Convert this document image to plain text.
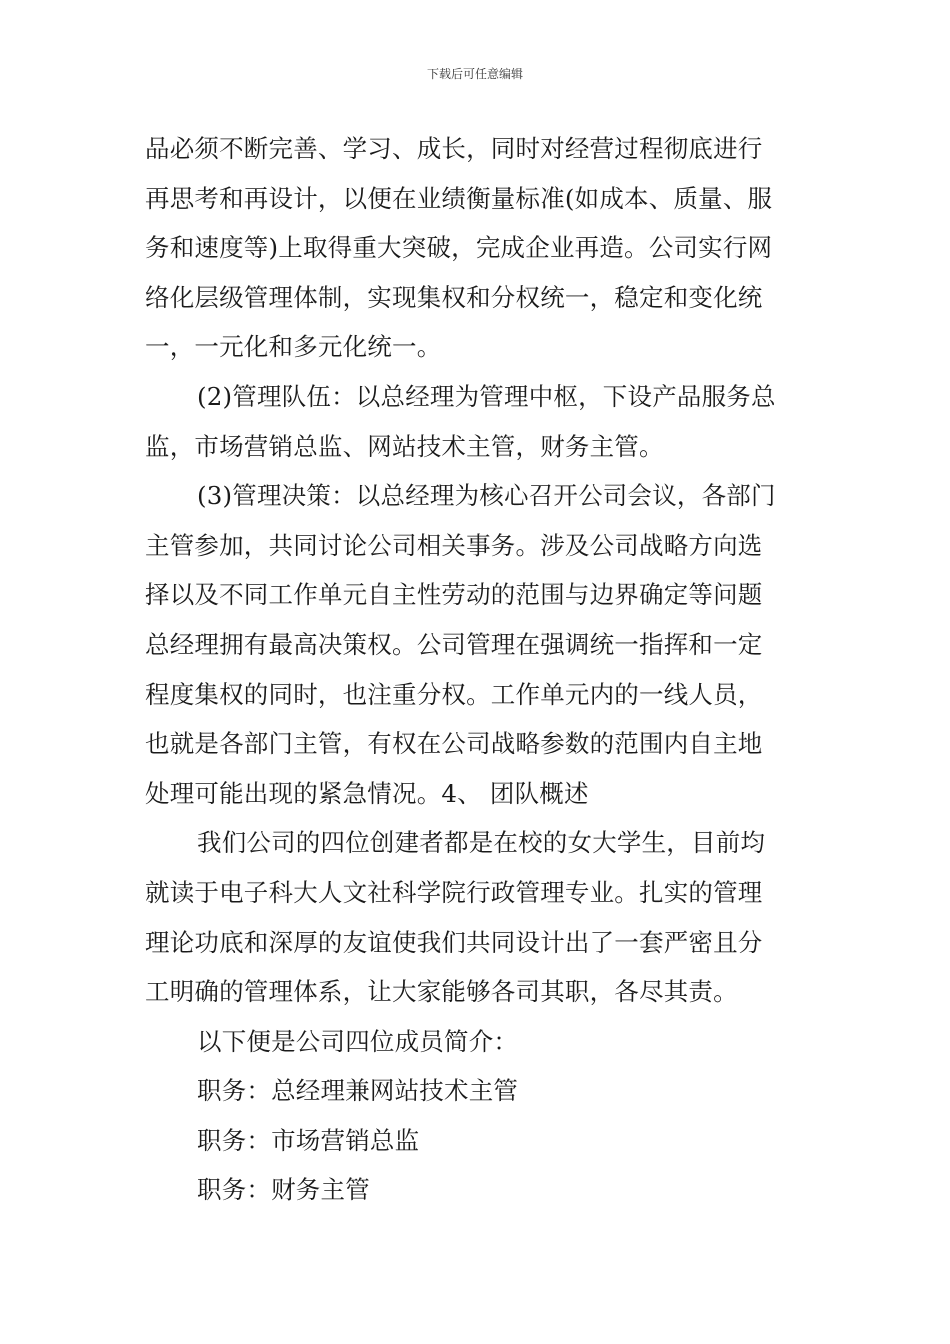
下载后可任意编辑

品必须不断完善、学习、成长，同时对经营过程彻底进行
再思考和再设计，以便在业绩衡量标准(如成本、质量、服
务和速度等)上取得重大突破，完成企业再造。公司实行网
络化层级管理体制，实现集权和分权统一，稳定和变化统
一，一元化和多元化统一。

(2)管理队伍：以总经理为管理中枢，下设产品服务总
监，市场营销总监、网站技术主管，财务主管。

(3)管理决策：以总经理为核心召开公司会议，各部门
主管参加，共同讨论公司相关事务。涉及公司战略方向选
择以及不同工作单元自主性劳动的范围与边界确定等问题
总经理拥有最高决策权。公司管理在强调统一指挥和一定
程度集权的同时，也注重分权。工作单元内的一线人员，
也就是各部门主管，有权在公司战略参数的范围内自主地
处理可能出现的紧急情况。4、 团队概述

我们公司的四位创建者都是在校的女大学生，目前均
就读于电子科大人文社科学院行政管理专业。扎实的管理
理论功底和深厚的友谊使我们共同设计出了一套严密且分
工明确的管理体系，让大家能够各司其职，各尽其责。

以下便是公司四位成员简介：

职务：总经理兼网站技术主管

职务：市场营销总监

职务：财务主管
